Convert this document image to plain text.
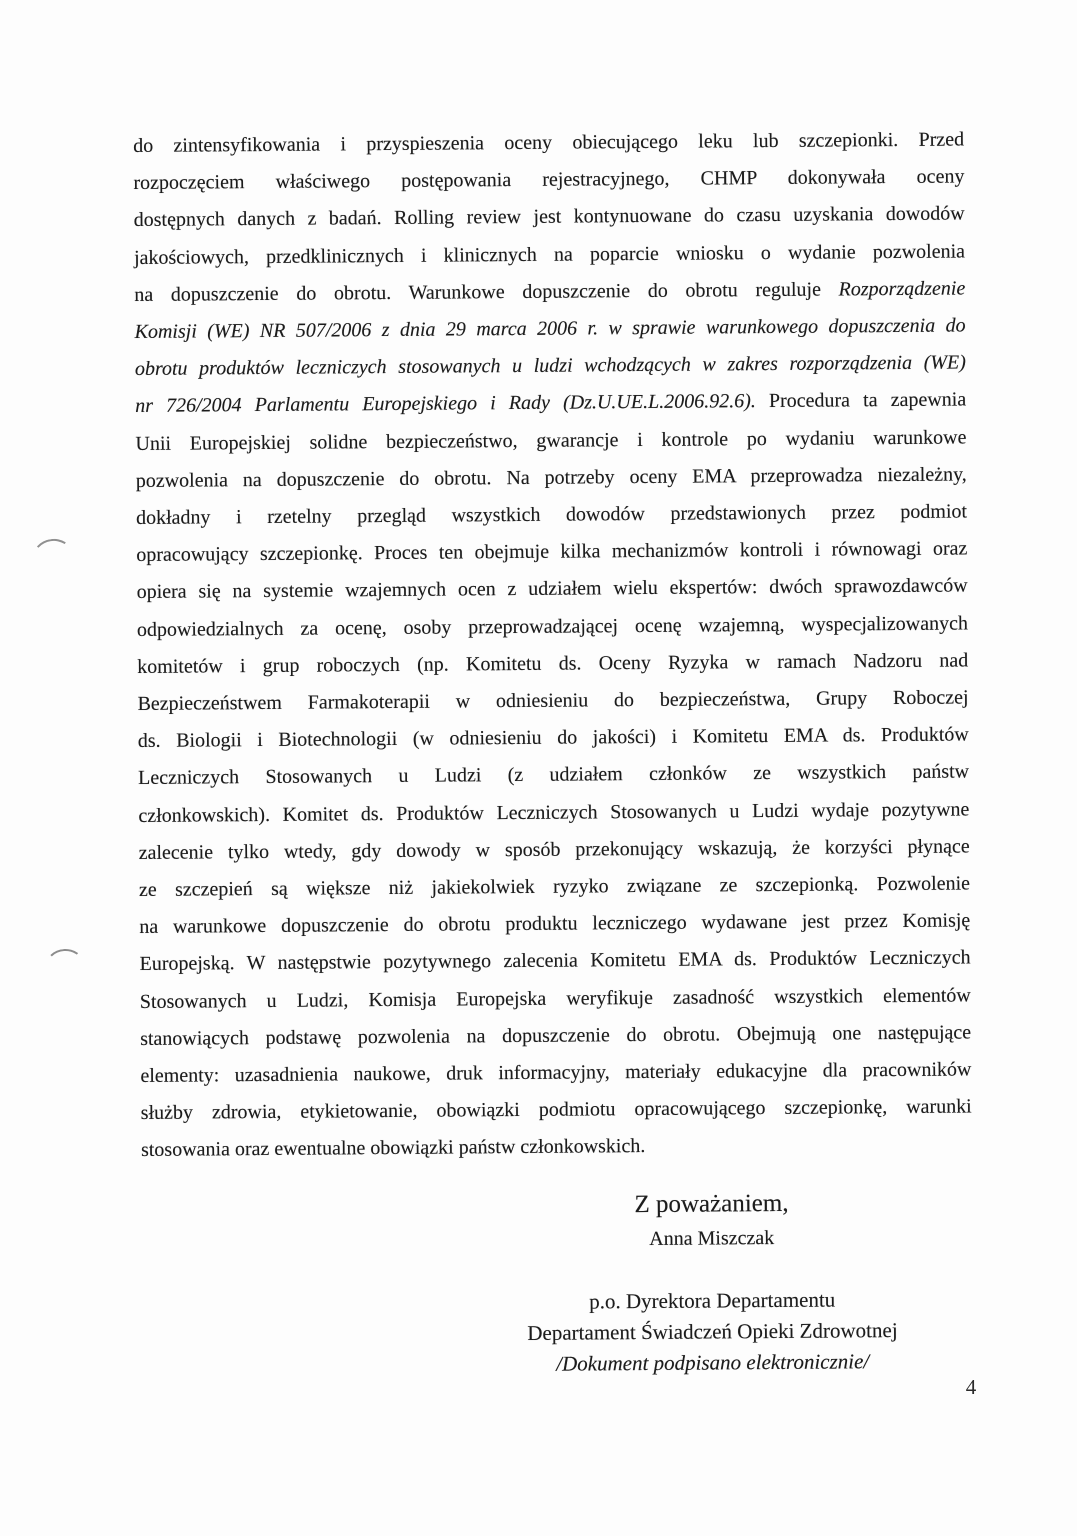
do zintensyfikowania i przyspieszenia oceny obiecującego leku lub szczepionki. Przed
rozpoczęciem właściwego postępowania rejestracyjnego, CHMP dokonywała oceny
dostępnych danych z badań. Rolling review jest kontynuowane do czasu uzyskania dowodów
jakościowych, przedklinicznych i klinicznych na poparcie wniosku o wydanie pozwolenia
na dopuszczenie do obrotu. Warunkowe dopuszczenie do obrotu reguluje Rozporządzenie
Komisji (WE) NR 507/2006 z dnia 29 marca 2006 r. w sprawie warunkowego dopuszczenia do
obrotu produktów leczniczych stosowanych u ludzi wchodzących w zakres rozporządzenia (WE)
nr 726/2004 Parlamentu Europejskiego i Rady (Dz.U.UE.L.2006.92.6). Procedura ta zapewnia
Unii Europejskiej solidne bezpieczeństwo, gwarancje i kontrole po wydaniu warunkowe
pozwolenia na dopuszczenie do obrotu. Na potrzeby oceny EMA przeprowadza niezależny,
dokładny i rzetelny przegląd wszystkich dowodów przedstawionych przez podmiot
opracowujący szczepionkę. Proces ten obejmuje kilka mechanizmów kontroli i równowagi oraz
opiera się na systemie wzajemnych ocen z udziałem wielu ekspertów: dwóch sprawozdawców
odpowiedzialnych za ocenę, osoby przeprowadzającej ocenę wzajemną, wyspecjalizowanych
komitetów i grup roboczych (np. Komitetu ds. Oceny Ryzyka w ramach Nadzoru nad
Bezpieczeństwem Farmakoterapii w odniesieniu do bezpieczeństwa, Grupy Roboczej
ds. Biologii i Biotechnologii (w odniesieniu do jakości) i Komitetu EMA ds. Produktów
Leczniczych Stosowanych u Ludzi (z udziałem członków ze wszystkich państw
członkowskich). Komitet ds. Produktów Leczniczych Stosowanych u Ludzi wydaje pozytywne
zalecenie tylko wtedy, gdy dowody w sposób przekonujący wskazują, że korzyści płynące
ze szczepień są większe niż jakiekolwiek ryzyko związane ze szczepionką. Pozwolenie
na warunkowe dopuszczenie do obrotu produktu leczniczego wydawane jest przez Komisję
Europejską. W następstwie pozytywnego zalecenia Komitetu EMA ds. Produktów Leczniczych
Stosowanych u Ludzi, Komisja Europejska weryfikuje zasadność wszystkich elementów
stanowiących podstawę pozwolenia na dopuszczenie do obrotu. Obejmują one następujące
elementy: uzasadnienia naukowe, druk informacyjny, materiały edukacyjne dla pracowników
służby zdrowia, etykietowanie, obowiązki podmiotu opracowującego szczepionkę, warunki
stosowania oraz ewentualne obowiązki państw członkowskich.
Z poważaniem,
Anna Miszczak
p.o. Dyrektora Departamentu
Departament Świadczeń Opieki Zdrowotnej
/Dokument podpisano elektronicznie/
4
